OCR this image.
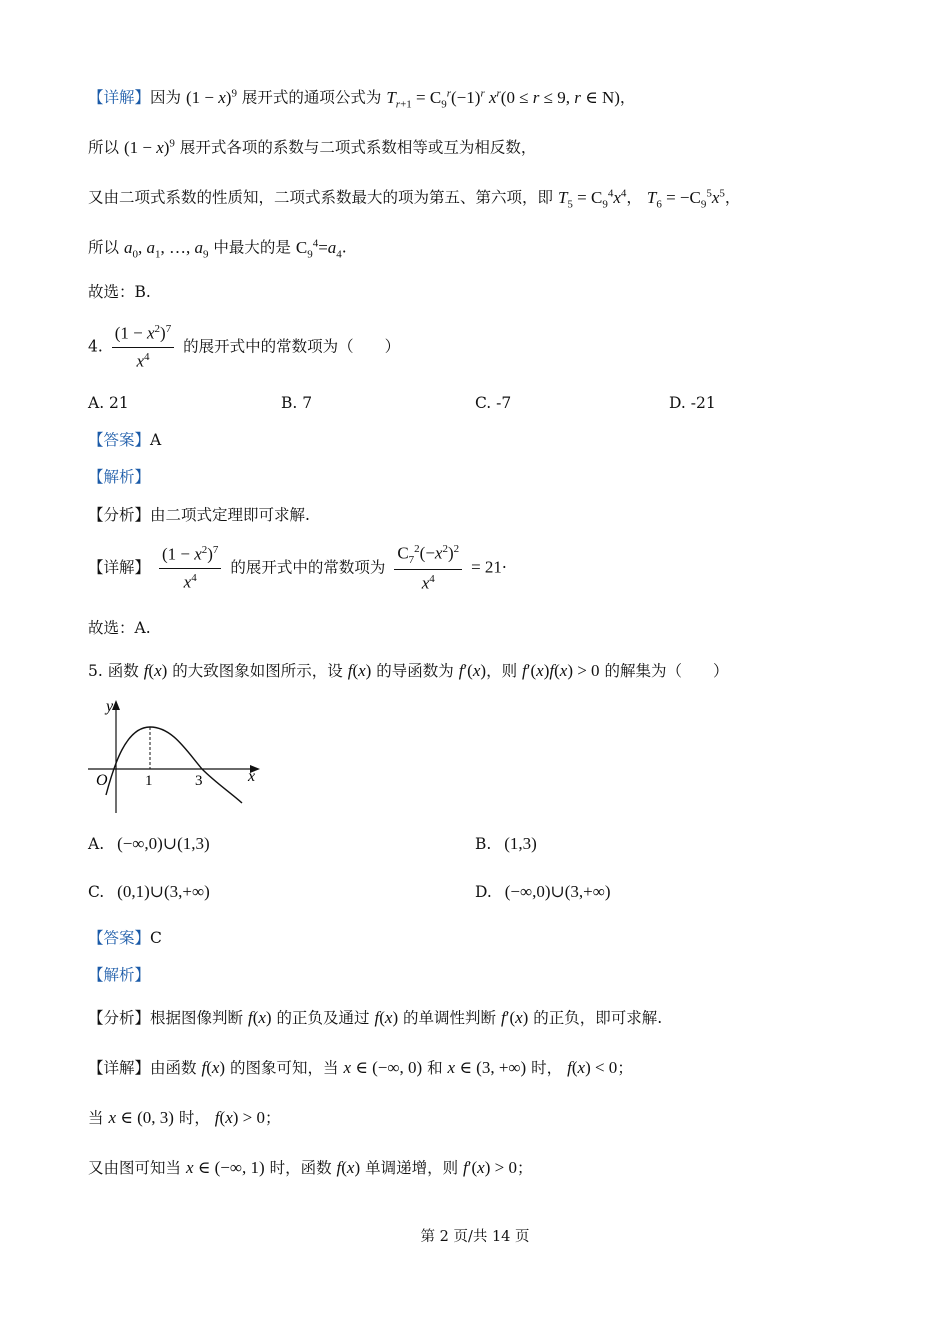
【详解】因为 $(1 - x)^9$ 展开式的通项公式为 $T_{r+1} = C_9^r(-1)^r$ $x^r(0 \le r \le 9$, r ∈ N)，
所以 $(1 - x)^9$ 展开式各项的系数与二项式系数相等或互为相反数，
又由二项式系数的性质知，二项式系数最大的项为第五、第六项，即 $T_5 = C_9^4x^4$， $T_6 = -C_9^5x^5$，
所以 $a_0$, $a_1$, …, $a_9$ 中最大的是 $C_9^4=a_4$.
故选：B.
4. $\frac{(1 - x^2)^7}{x^4}$ 的展开式中的常数项为（　　）
A. 21	B. 7	C. -7	D. -21
【答案】A
【解析】
【分析】由二项式定理即可求解.
【详解】 $\frac{(1 - x^2)^7}{x^4}$ 的展开式中的常数项为 $\frac{C_7^2(-x^2)^2}{x^4} = 21\cdot$
故选：A.
5. 函数 f(x) 的大致图象如图所示，设 f(x) 的导函数为 f′(x)，则 f′(x)f(x) > 0 的解集为（　　）
y
x
O 1	3
A. (−∞,0)∪(1,3)	B. (1,3)
C. (0,1)∪(3,+∞)	D. (−∞,0)∪(3,+∞)
【答案】C
【解析】
【分析】根据图像判断 f(x) 的正负及通过 f(x) 的单调性判断 f′(x) 的正负，即可求解.
【详解】由函数 f(x) 的图象可知，当 x ∈ (−∞, 0) 和 x ∈ (3, +∞) 时， f(x) < 0；
当 x ∈ (0, 3) 时， f(x) > 0；
又由图可知当 x ∈ (−∞, 1) 时，函数 f(x) 单调递增，则 f′(x) > 0；
第 2 页/共 14 页
